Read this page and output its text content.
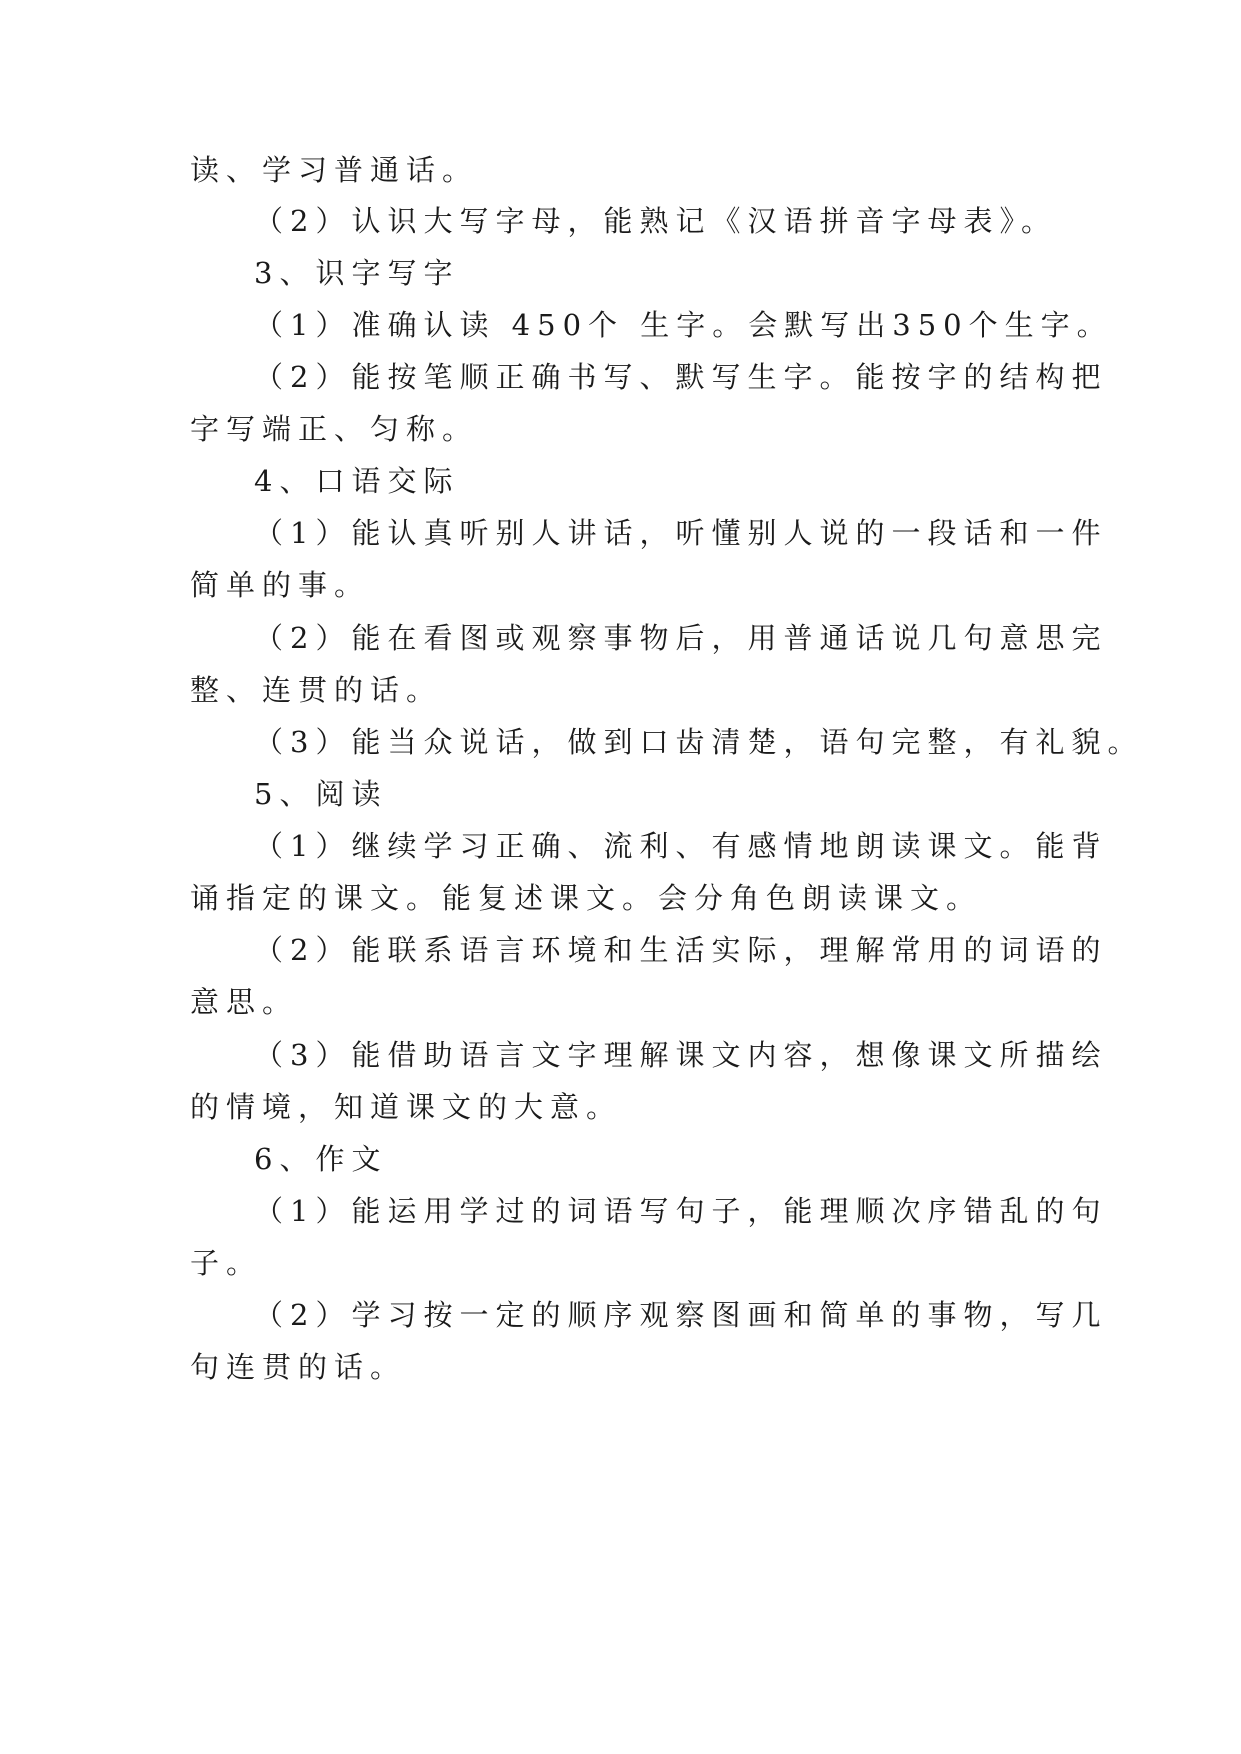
读、学习普通话。
（2）认识大写字母，能熟记《汉语拼音字母表》。
3、识字写字
（1）准确认读 450个 生字。会默写出350个生字。
（2）能按笔顺正确书写、默写生字。能按字的结构把
字写端正、匀称。
4、口语交际
（1）能认真听别人讲话，听懂别人说的一段话和一件
简单的事。
（2）能在看图或观察事物后，用普通话说几句意思完
整、连贯的话。
（3）能当众说话，做到口齿清楚，语句完整，有礼貌。
5、阅读
（1）继续学习正确、流利、有感情地朗读课文。能背
诵指定的课文。能复述课文。会分角色朗读课文。
（2）能联系语言环境和生活实际，理解常用的词语的
意思。
（3）能借助语言文字理解课文内容，想像课文所描绘
的情境，知道课文的大意。
6、作文
（1）能运用学过的词语写句子，能理顺次序错乱的句
子。
（2）学习按一定的顺序观察图画和简单的事物，写几
句连贯的话。
